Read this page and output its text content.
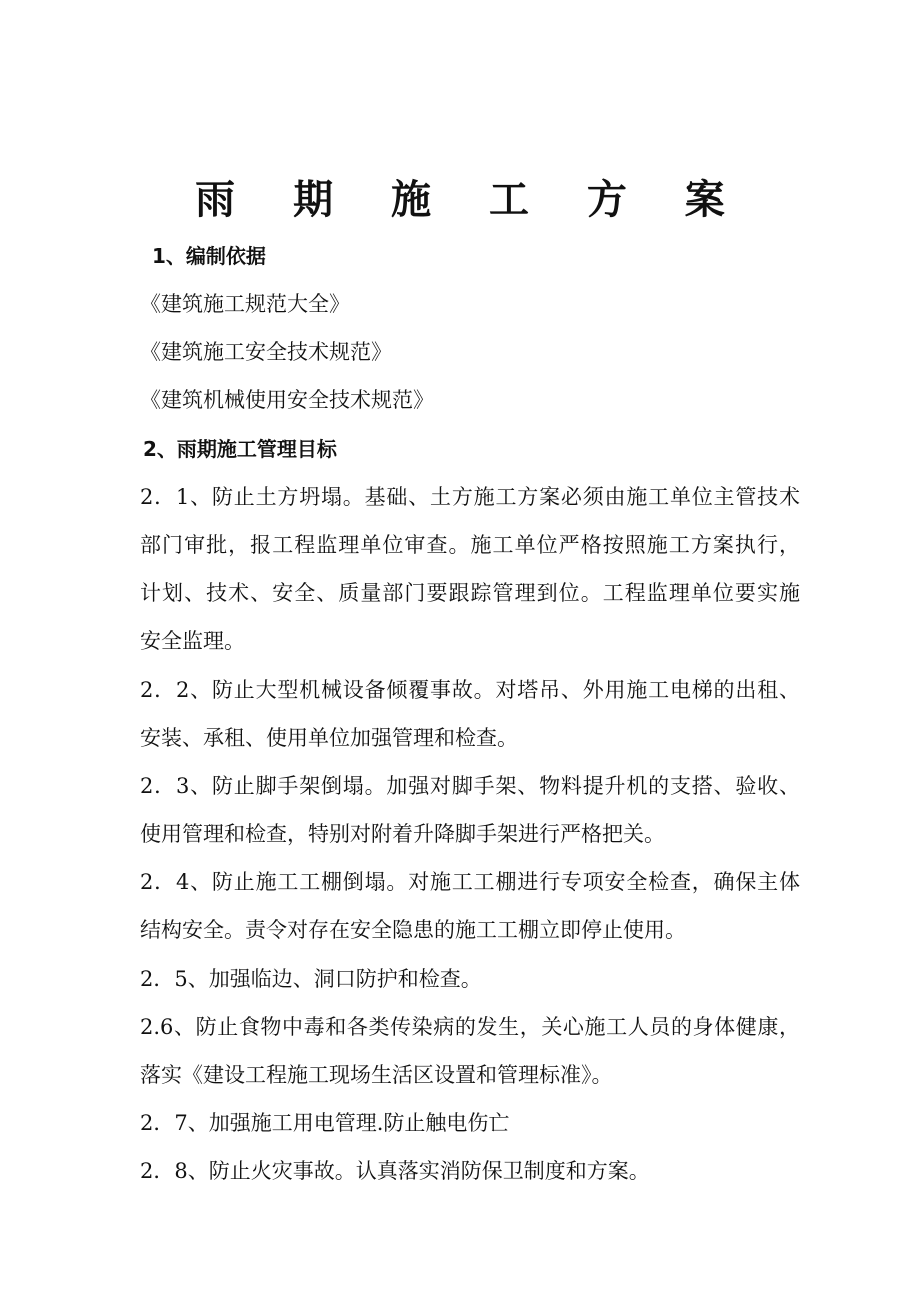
雨 期 施 工 方 案
1、编制依据
《建筑施工规范大全》
《建筑施工安全技术规范》
《建筑机械使用安全技术规范》
2、雨期施工管理目标
2．1、防止土方坍塌。基础、土方施工方案必须由施工单位主管技术
部门审批，报工程监理单位审查。施工单位严格按照施工方案执行，
计划、技术、安全、质量部门要跟踪管理到位。工程监理单位要实施
安全监理。
2．2、防止大型机械设备倾覆事故。对塔吊、外用施工电梯的出租、
安装、承租、使用单位加强管理和检查。
2．3、防止脚手架倒塌。加强对脚手架、物料提升机的支搭、验收、
使用管理和检查，特别对附着升降脚手架进行严格把关。
2．4、防止施工工棚倒塌。对施工工棚进行专项安全检查，确保主体
结构安全。责令对存在安全隐患的施工工棚立即停止使用。
2．5、加强临边、洞口防护和检查。
2.6、防止食物中毒和各类传染病的发生，关心施工人员的身体健康，
落实《建设工程施工现场生活区设置和管理标准》。
2．7、加强施工用电管理.防止触电伤亡
2．8、防止火灾事故。认真落实消防保卫制度和方案。
